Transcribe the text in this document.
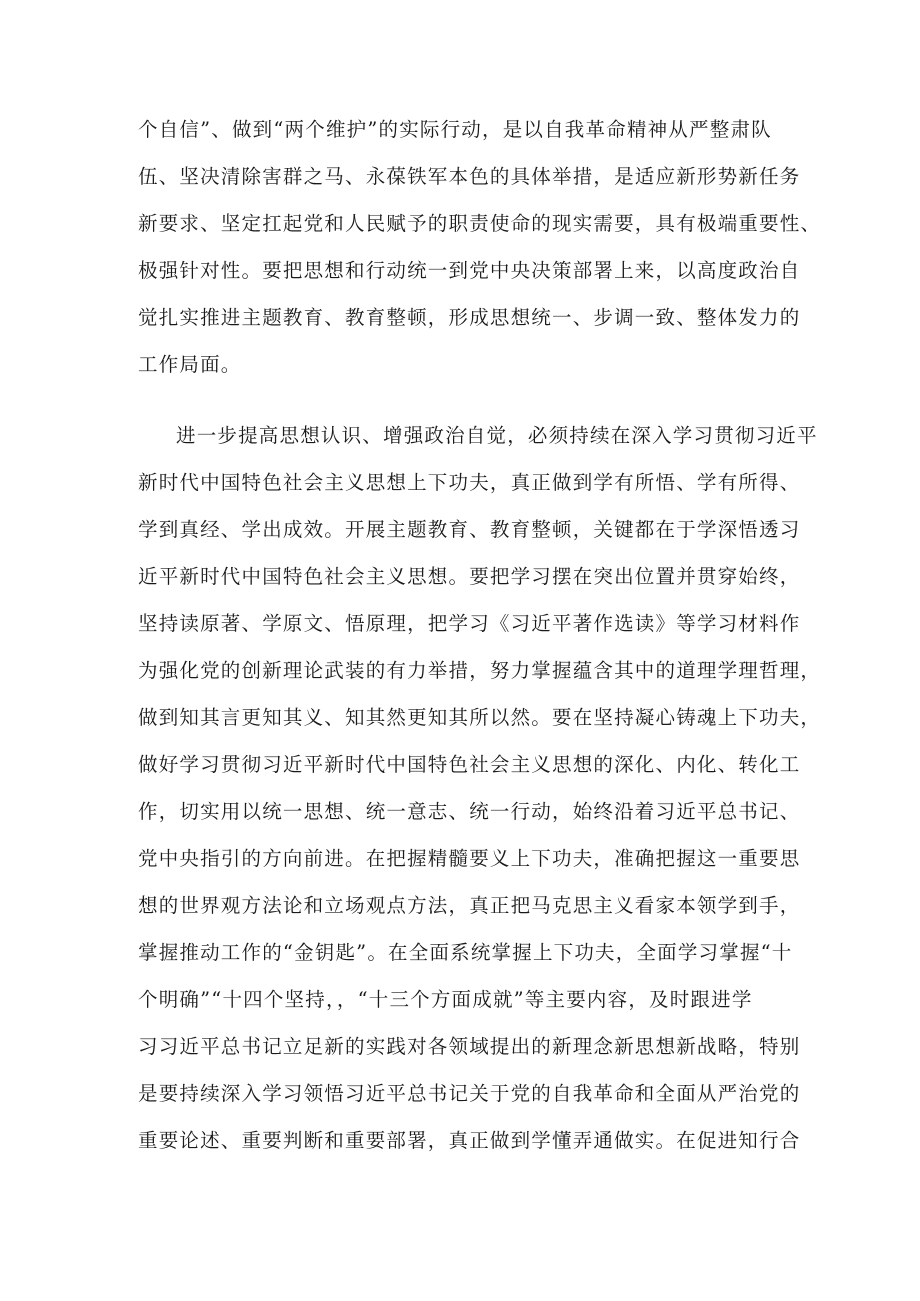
个自信”、做到“两个维护”的实际行动，是以自我革命精神从严整肃队

伍、坚决清除害群之马、永葆铁军本色的具体举措，是适应新形势新任务

新要求、坚定扛起党和人民赋予的职责使命的现实需要，具有极端重要性、

极强针对性。要把思想和行动统一到党中央决策部署上来，以高度政治自

觉扎实推进主题教育、教育整顿，形成思想统一、步调一致、整体发力的

工作局面。

进一步提高思想认识、增强政治自觉，必须持续在深入学习贯彻习近平

新时代中国特色社会主义思想上下功夫，真正做到学有所悟、学有所得、

学到真经、学出成效。开展主题教育、教育整顿，关键都在于学深悟透习

近平新时代中国特色社会主义思想。要把学习摆在突出位置并贯穿始终，

坚持读原著、学原文、悟原理，把学习《习近平著作选读》等学习材料作

为强化党的创新理论武装的有力举措，努力掌握蕴含其中的道理学理哲理，

做到知其言更知其义、知其然更知其所以然。要在坚持凝心铸魂上下功夫，

做好学习贯彻习近平新时代中国特色社会主义思想的深化、内化、转化工

作，切实用以统一思想、统一意志、统一行动，始终沿着习近平总书记、

党中央指引的方向前进。在把握精髓要义上下功夫，准确把握这一重要思

想的世界观方法论和立场观点方法，真正把马克思主义看家本领学到手，

掌握推动工作的“金钥匙”。在全面系统掌握上下功夫，全面学习掌握“十

个明确”“十四个坚持，，“十三个方面成就”等主要内容，及时跟进学

习习近平总书记立足新的实践对各领域提出的新理念新思想新战略，特别

是要持续深入学习领悟习近平总书记关于党的自我革命和全面从严治党的

重要论述、重要判断和重要部署，真正做到学懂弄通做实。在促进知行合
